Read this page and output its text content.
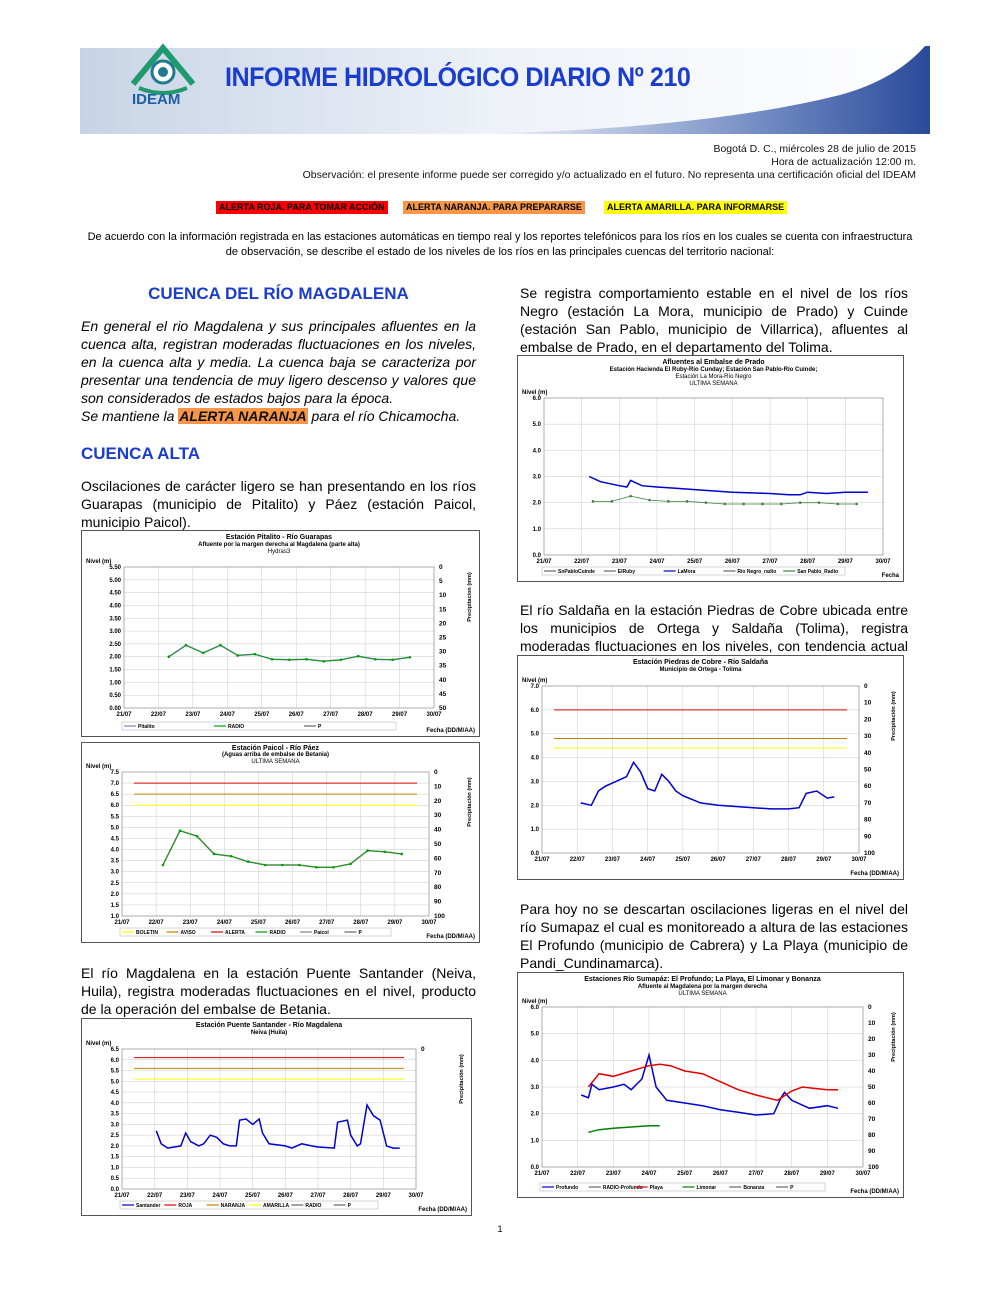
IDEAM
INFORME HIDROLÓGICO DIARIO Nº 210
Bogotá D. C., miércoles 28 de julio de 2015
Hora de actualización 12:00 m.
Observación: el presente informe puede ser corregido y/o actualizado en el futuro. No representa una certificación oficial del IDEAM
ALERTA ROJA. PARA TOMAR ACCIÓN	ALERTA NARANJA. PARA PREPARARSE	ALERTA AMARILLA. PARA INFORMARSE
De acuerdo con la información registrada en las estaciones automáticas en tiempo real y los reportes telefónicos para los ríos en los cuales se cuenta con infraestructura de observación, se describe el estado de los niveles de los ríos en las principales cuencas del territorio nacional:
CUENCA DEL RÍO MAGDALENA
En general el rio Magdalena y sus principales afluentes en la cuenca alta, registran moderadas fluctuaciones en los niveles, en la cuenca alta y media. La cuenca baja se caracteriza por presentar una tendencia de muy ligero descenso y valores que son considerados de estados bajos para la época.
Se mantiene la ALERTA NARANJA para el río Chicamocha.
CUENCA ALTA
Oscilaciones de carácter ligero se han presentando en los ríos Guarapas (municipio de Pitalito) y Páez (estación Paicol, municipio Paicol).
Estación Pitalito - Río Guarapas
Afluente por la margen derecha al Magdalena (parte alta)
Hydras3
Nivel (m)
0.00
0.50
1.00
1.50
2.00
2.50
3.00
3.50
4.00
4.50
5.00
5.50
21/07	22/07	23/07	24/07	25/07	26/07	27/07	28/07	29/07	30/07
0
5
10
15
20
25
30
35
40
45
50
Precipitacion (mm)
Pitalito	RADIO	P
Fecha (DD/M/AA)
Estación Paicol - Río Páez
(Aguas arriba de embalse de Betania)
ULTIMA SEMANA
Nivel (m)
1.0
1.5
2.0
2.5
3.0
3.5
4.0
4.5
5.0
5.5
6.0
6.5
7.0
7.5
21/07	22/07	23/07	24/07	25/07	26/07	27/07	28/07	29/07	30/07
0
10
20
30
40
50
60
70
80
90
100
Precipitación (mm)
BOLETIN	AVISO	ALERTA	RADIO	Paicol	P
Fecha (DD/M/AA)
El río Magdalena en la estación Puente Santander (Neiva, Huila), registra moderadas fluctuaciones en el nivel, producto de la operación del embalse de Betania.
Estación Puente Santander - Río Magdalena
Neiva (Huila)
Nivel (m)
0.0
0.5
1.0
1.5
2.0
2.5
3.0
3.5
4.0
4.5
5.0
5.5
6.0
6.5
21/07	22/07	23/07	24/07	25/07	26/07	27/07	28/07	29/07	30/07
0
Precipitación (mm)
Santander	ROJA	NARANJA	AMARILLA	RADIO	P
Fecha (DD/M/AA)
Se registra comportamiento estable en el nivel de los ríos Negro (estación La Mora, municipio de Prado) y Cuinde (estación San Pablo, municipio de Villarrica), afluentes al embalse de Prado, en el departamento del Tolima.
Afluentes al Embalse de Prado
Estación Hacienda El Ruby-Río Cunday; Estación San Pablo-Río Cuinde;
Estación La Mora-Río Negro
ULTIMA SEMANA
Nivel (m)
0.0
1.0
2.0
3.0
4.0
5.0
6.0
21/07	22/07	23/07	24/07	25/07	26/07	27/07	28/07	29/07	30/07
SnPabloCuinde	ElRuby	LaMora	Rio Negro_radio	San Pablo_Radio
Fecha
El río Saldaña en la estación Piedras de Cobre ubicada entre los municipios de Ortega y Saldaña (Tolima), registra moderadas fluctuaciones en los niveles, con tendencia actual
Estación Piedras de Cobre - Río Saldaña
Municipio de Ortega - Tolima
Nivel (m)
0.0
1.0
2.0
3.0
4.0
5.0
6.0
7.0
21/07	22/07	23/07	24/07	25/07	26/07	27/07	28/07	29/07	30/07
0
10
20
30
40
50
60
70
80
90
100
Precipitación (mm)
Fecha (DD/M/AA)
Para hoy no se descartan oscilaciones ligeras en el nivel del río Sumapaz el cual es monitoreado a altura de las estaciones El Profundo (municipio de Cabrera) y La Playa (municipio de Pandi_Cundinamarca).
Estaciones Río Sumapáz: El Profundo; La Playa, El Limonar y Bonanza
Afluente al Magdalena por la margen derecha
ULTIMA SEMANA
Nivel (m)
0.0
1.0
2.0
3.0
4.0
5.0
6.0
21/07	22/07	23/07	24/07	25/07	26/07	27/07	28/07	29/07	30/07
0
10
20
30
40
50
60
70
80
90
100
Precipitación (mm)
Profundo	RADIO-Profundo Playa	Limonar	Bonanza	P
Fecha (DD/M/AA)
1
